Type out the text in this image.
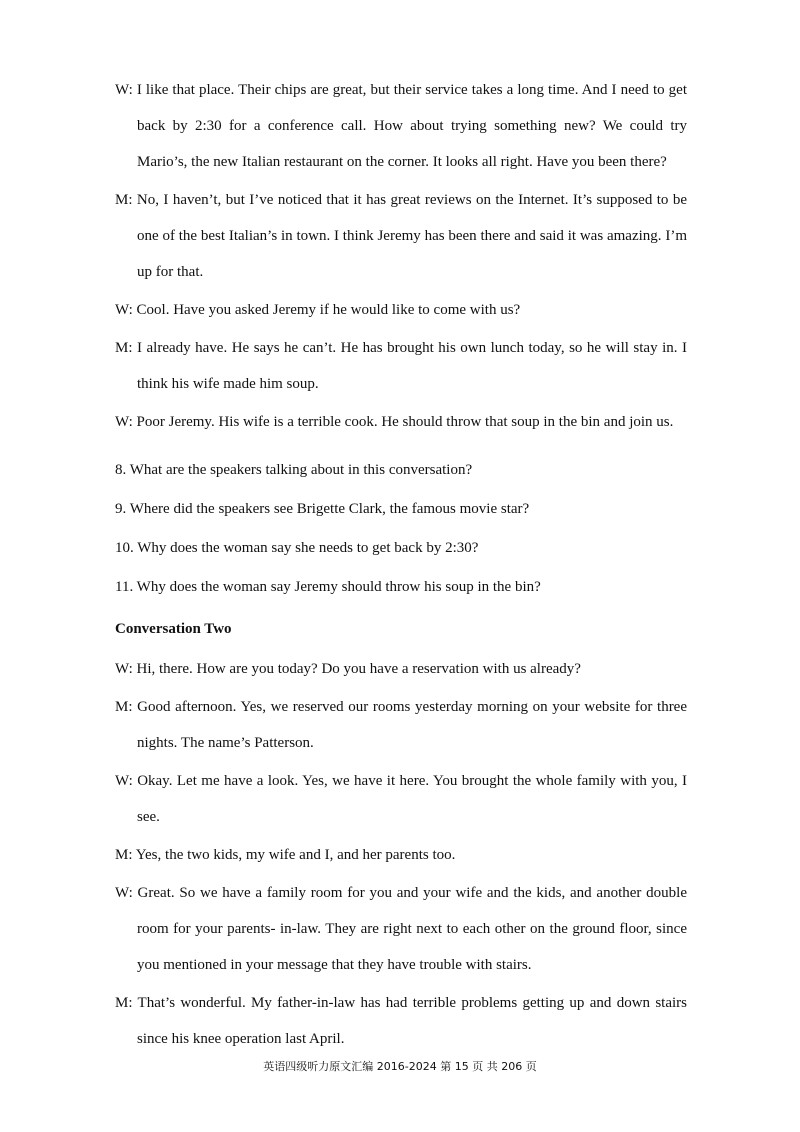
W: I like that place. Their chips are great, but their service takes a long time. And I need to get back by 2:30 for a conference call. How about trying something new? We could try Mario’s, the new Italian restaurant on the corner. It looks all right. Have you been there?

M: No, I haven’t, but I’ve noticed that it has great reviews on the Internet. It’s supposed to be one of the best Italian’s in town. I think Jeremy has been there and said it was amazing. I’m up for that.

W: Cool. Have you asked Jeremy if he would like to come with us?

M: I already have. He says he can’t. He has brought his own lunch today, so he will stay in. I think his wife made him soup.

W: Poor Jeremy. His wife is a terrible cook. He should throw that soup in the bin and join us.

8. What are the speakers talking about in this conversation?

9. Where did the speakers see Brigette Clark, the famous movie star?

10. Why does the woman say she needs to get back by 2:30?

11. Why does the woman say Jeremy should throw his soup in the bin?

Conversation Two

W: Hi, there. How are you today? Do you have a reservation with us already?

M: Good afternoon. Yes, we reserved our rooms yesterday morning on your website for three nights. The name’s Patterson.

W: Okay. Let me have a look. Yes, we have it here. You brought the whole family with you, I see.

M: Yes, the two kids, my wife and I, and her parents too.

W: Great. So we have a family room for you and your wife and the kids, and another double room for your parents- in-law. They are right next to each other on the ground floor, since you mentioned in your message that they have trouble with stairs.

M: That’s wonderful. My father-in-law has had terrible problems getting up and down stairs since his knee operation last April.

英语四级听力原文汇编 2016-2024 第 15 页 共 206 页
